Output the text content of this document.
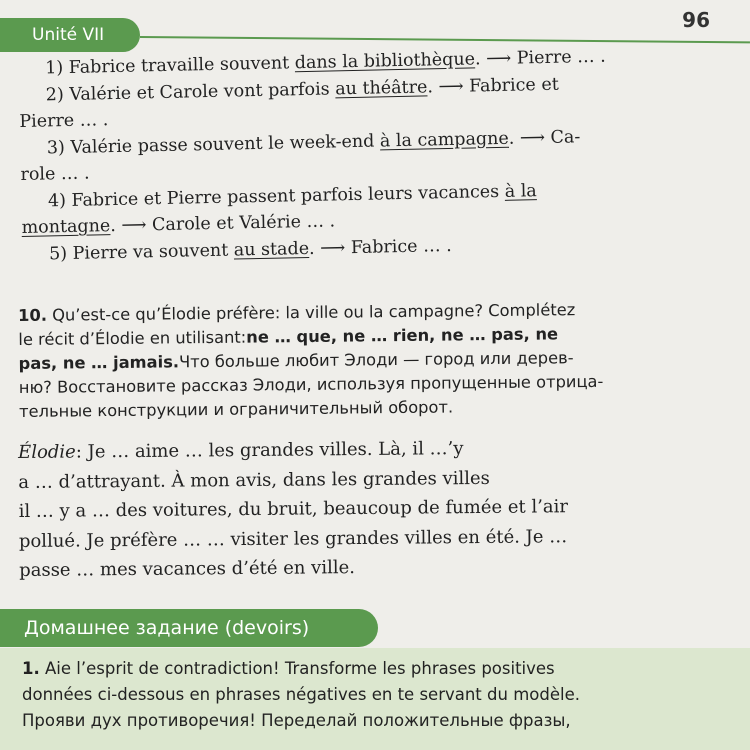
Unité VII
96
1) Fabrice travaille souvent dans la bibliothèque. ⟶ Pierre … .
2) Valérie et Carole vont parfois au théâtre. ⟶ Fabrice et
Pierre … .
3) Valérie passe souvent le week-end à la campagne. ⟶ Ca-
role … .
4) Fabrice et Pierre passent parfois leurs vacances à la
montagne. ⟶ Carole et Valérie … .
5) Pierre va souvent au stade. ⟶ Fabrice … .
10.
Qu’est-ce qu’Élodie préfère: la ville ou la campagne? Complétez
le récit d’Élodie en utilisant: ne … que, ne … rien, ne … pas, ne
pas, ne … jamais. Что больше любит Элоди — город или дерев-
ню? Восстановите рассказ Элоди, используя пропущенные отрица-
тельные конструкции и ограничительный оборот.
Élodie : Je … aime … les grandes villes. Là, il …’y
a … d’attrayant. À mon avis, dans les grandes villes
il … y a … des voitures, du bruit, beaucoup de fumée et l’air
pollué. Je préfère … … visiter les grandes villes en été. Je …
passe … mes vacances d’été en ville.
Домашнее задание (devoirs)
1.
Aie l’esprit de contradiction! Transforme les phrases positives
données ci-dessous en phrases négatives en te servant du modèle.
Прояви дух противоречия! Переделай положительные фразы,
